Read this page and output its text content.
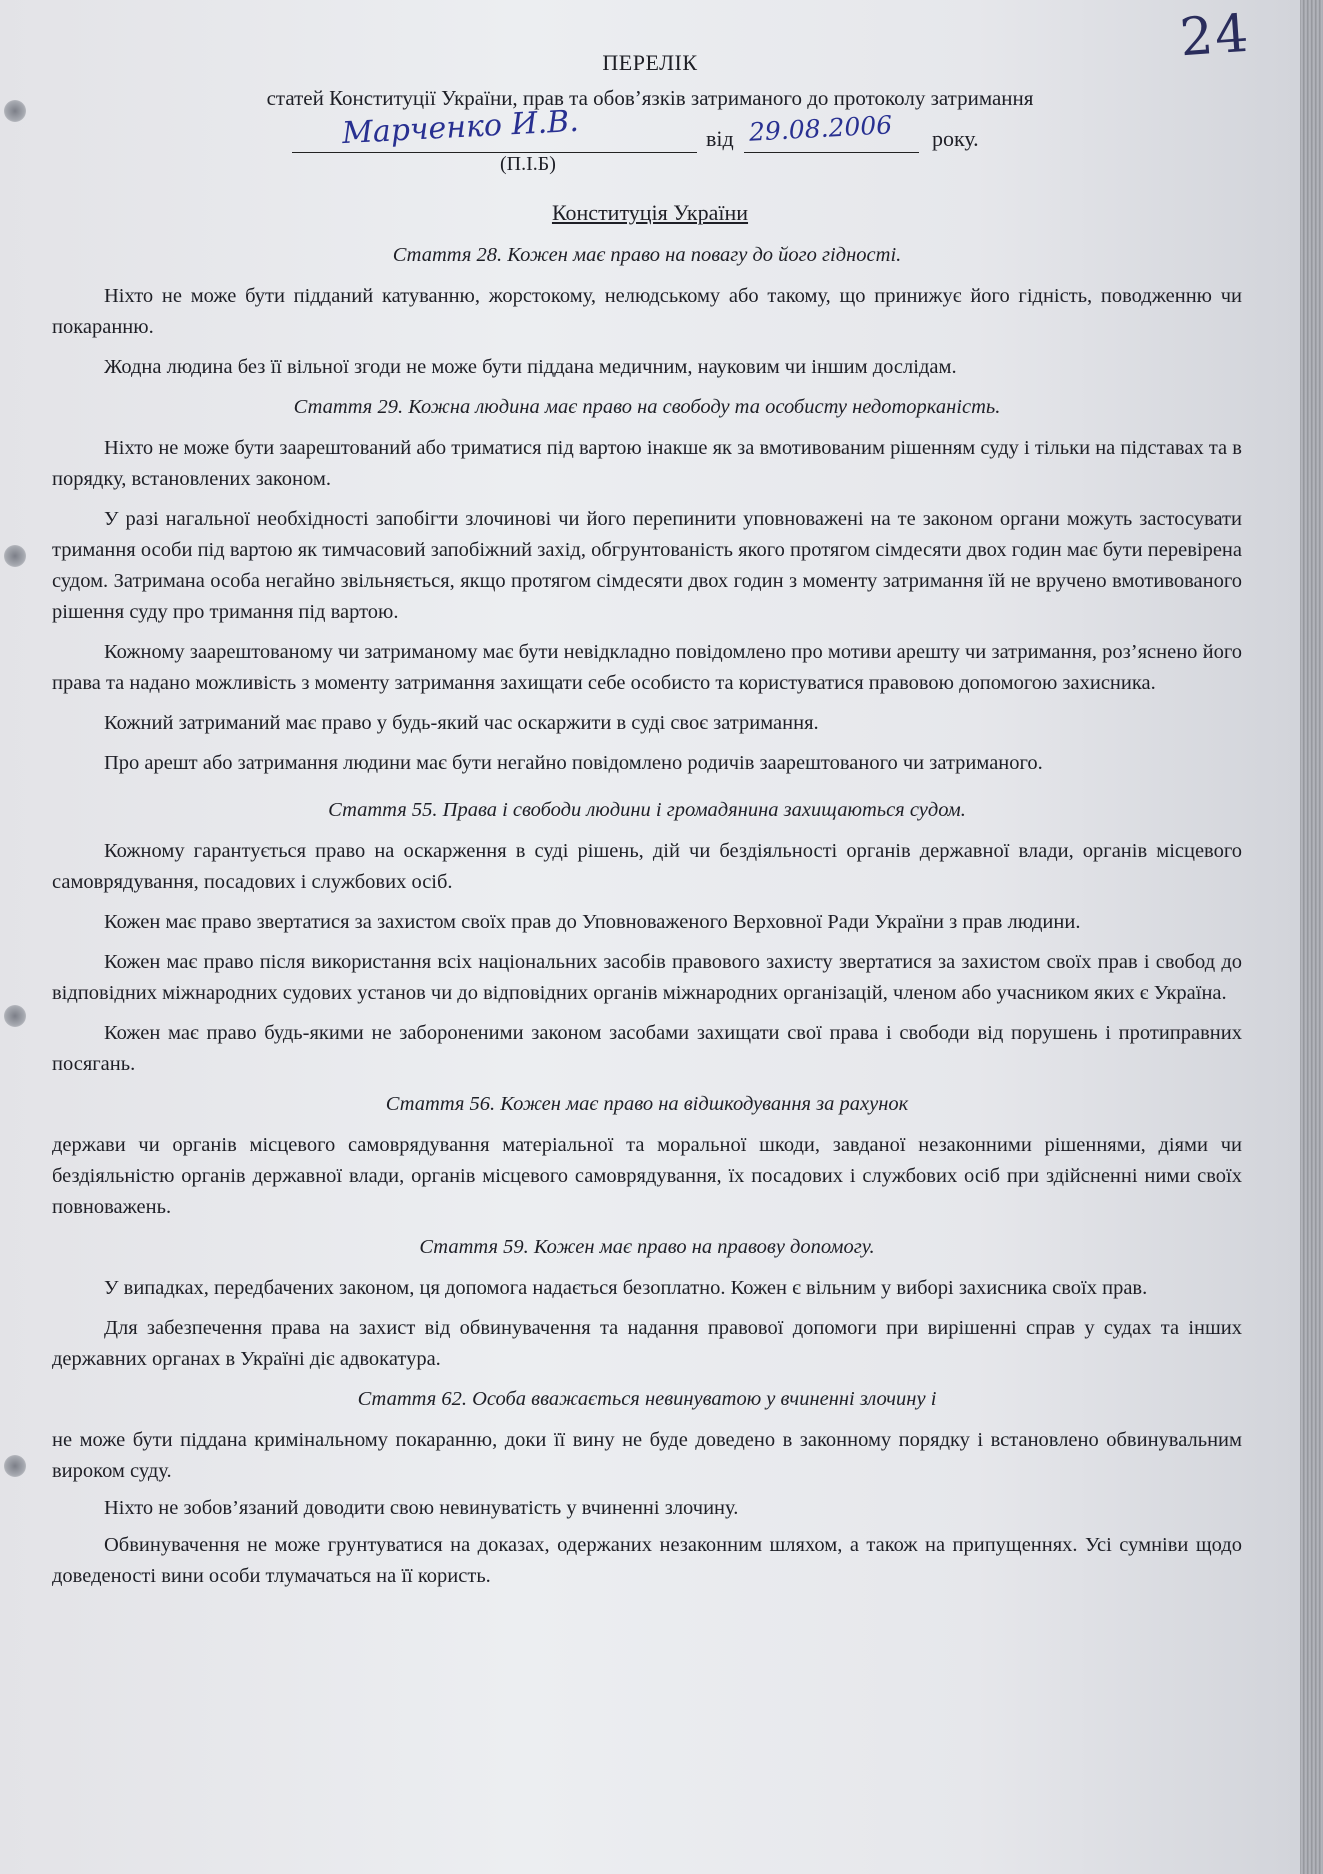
24
ПЕРЕЛІК
статей Конституції України, прав та обов’язків затриманого до протоколу затримання
Марченко И.В.	від 29.08.2006 року.
(П.І.Б)
Конституція України
Стаття 28. Кожен має право на повагу до його гідності.

Ніхто не може бути підданий катуванню, жорстокому, нелюдському або такому, що принижує його гідність, поводженню чи покаранню.

Жодна людина без її вільної згоди не може бути піддана медичним, науковим чи іншим дослідам.

Стаття 29. Кожна людина має право на свободу та особисту недоторканість.

Ніхто не може бути заарештований або триматися під вартою інакше як за вмотивованим рішенням суду і тільки на підставах та в порядку, встановлених законом.

У разі нагальної необхідності запобігти злочинові чи його перепинити уповноважені на те законом органи можуть застосувати тримання особи під вартою як тимчасовий запобіжний захід, обгрунтованість якого протягом сімдесяти двох годин має бути перевірена судом. Затримана особа негайно звільняється, якщо протягом сімдесяти двох годин з моменту затримання їй не вручено вмотивованого рішення суду про тримання під вартою.

Кожному заарештованому чи затриманому має бути невідкладно повідомлено про мотиви арешту чи затримання, роз’яснено його права та надано можливість з моменту затримання захищати себе особисто та користуватися правовою допомогою захисника.

Кожний затриманий має право у будь-який час оскаржити в суді своє затримання.

Про арешт або затримання людини має бути негайно повідомлено родичів заарештованого чи затриманого.

Стаття 55. Права і свободи людини і громадянина захищаються судом.

Кожному гарантується право на оскарження в суді рішень, дій чи бездіяльності органів державної влади, органів місцевого самоврядування, посадових і службових осіб.

Кожен має право звертатися за захистом своїх прав до Уповноваженого Верховної Ради України з прав людини.

Кожен має право після використання всіх національних засобів правового захисту звертатися за захистом своїх прав і свобод до відповідних міжнародних судових установ чи до відповідних органів міжнародних організацій, членом або учасником яких є Україна.

Кожен має право будь-якими не забороненими законом засобами захищати свої права і свободи від порушень і протиправних посягань.

Стаття 56. Кожен має право на відшкодування за рахунок

держави чи органів місцевого самоврядування матеріальної та моральної шкоди, завданої незаконними рішеннями, діями чи бездіяльністю органів державної влади, органів місцевого самоврядування, їх посадових і службових осіб при здійсненні ними своїх повноважень.

Стаття 59. Кожен має право на правову допомогу.

У випадках, передбачених законом, ця допомога надається безоплатно. Кожен є вільним у виборі захисника своїх прав.

Для забезпечення права на захист від обвинувачення та надання правової допомоги при вирішенні справ у судах та інших державних органах в Україні діє адвокатура.

Стаття 62. Особа вважається невинуватою у вчиненні злочину і

не може бути піддана кримінальному покаранню, доки її вину не буде доведено в законному порядку і встановлено обвинувальним вироком суду.

Ніхто не зобов’язаний доводити свою невинуватість у вчиненні злочину.

Обвинувачення не може грунтуватися на доказах, одержаних незаконним шляхом, а також на припущеннях. Усі сумніви щодо доведеності вини особи тлумачаться на її користь.
